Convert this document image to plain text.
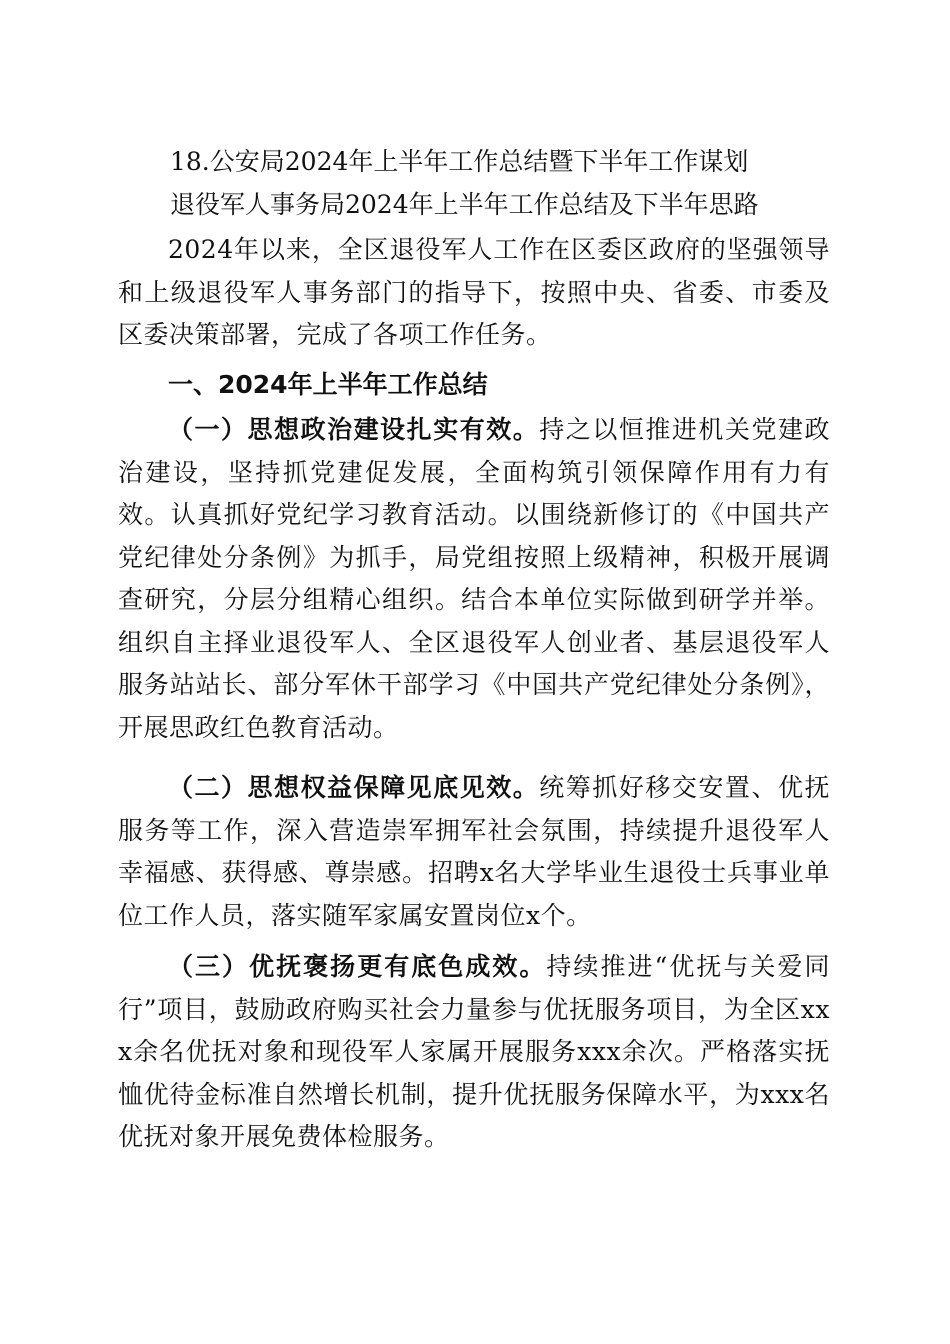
18.公安局2024年上半年工作总结暨下半年工作谋划
退役军人事务局2024年上半年工作总结及下半年思路
2024年以来，全区退役军人工作在区委区政府的坚强领导和上级退役军人事务部门的指导下，按照中央、省委、市委及区委决策部署，完成了各项工作任务。
一、2024年上半年工作总结
（一）思想政治建设扎实有效。持之以恒推进机关党建政治建设，坚持抓党建促发展，全面构筑引领保障作用有力有效。认真抓好党纪学习教育活动。以围绕新修订的《中国共产党纪律处分条例》为抓手，局党组按照上级精神，积极开展调查研究，分层分组精心组织。结合本单位实际做到研学并举。组织自主择业退役军人、全区退役军人创业者、基层退役军人服务站站长、部分军休干部学习《中国共产党纪律处分条例》，开展思政红色教育活动。
（二）思想权益保障见底见效。统筹抓好移交安置、优抚服务等工作，深入营造崇军拥军社会氛围，持续提升退役军人幸福感、获得感、尊崇感。招聘x名大学毕业生退役士兵事业单位工作人员，落实随军家属安置岗位x个。
（三）优抚褒扬更有底色成效。持续推进“优抚与关爱同行”项目，鼓励政府购买社会力量参与优抚服务项目，为全区xxx余名优抚对象和现役军人家属开展服务xxx余次。严格落实抚恤优待金标准自然增长机制，提升优抚服务保障水平，为xxx名优抚对象开展免费体检服务。
